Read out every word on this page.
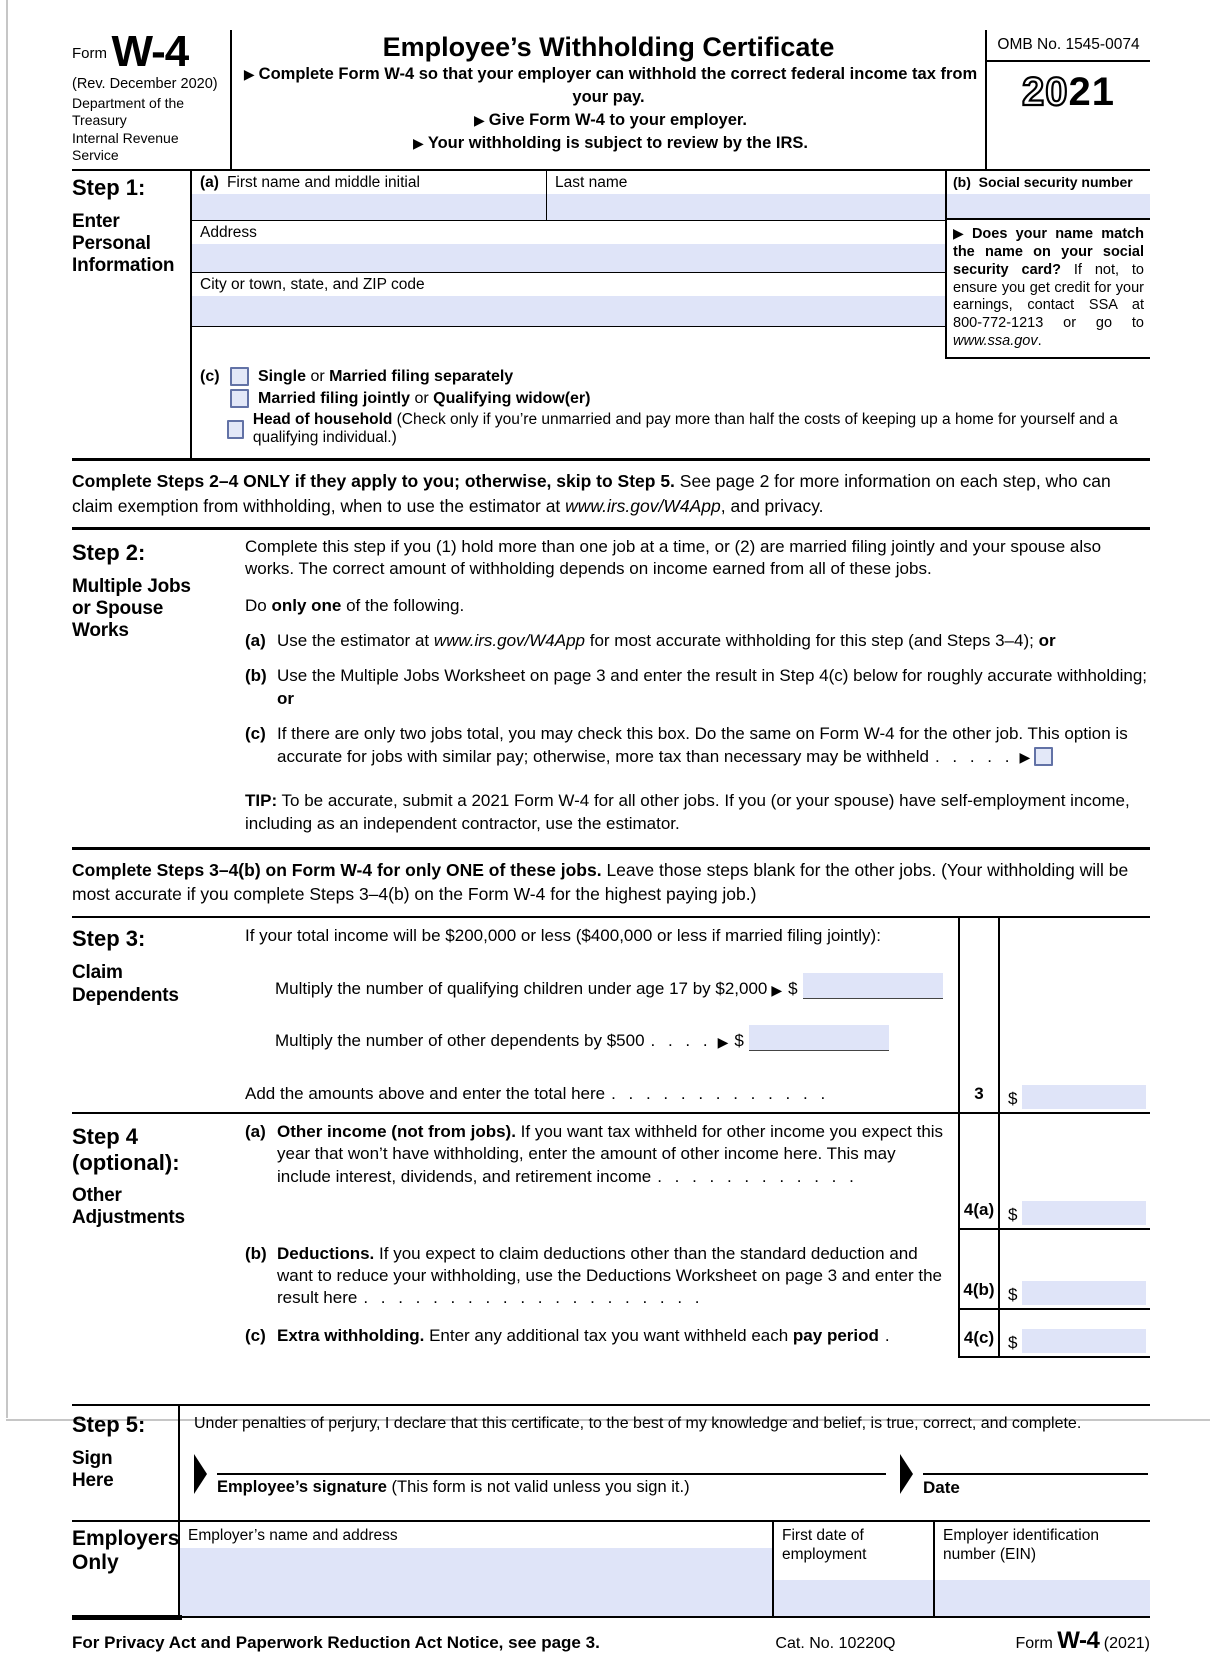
Form W-4
(Rev. December 2020)
Department of the Treasury
Internal Revenue Service
Employee’s Withholding Certificate
▶ Complete Form W-4 so that your employer can withhold the correct federal income tax from your pay.
▶ Give Form W-4 to your employer.
▶ Your withholding is subject to review by the IRS.
OMB No. 1545-0074
2021
Step 1:
Enter Personal Information
(a) First name and middle initial	Last name
Address
City or town, state, and ZIP code
(b) Social security number
▶ Does your name match the name on your social security card? If not, to ensure you get credit for your earnings, contact SSA at 800-772-1213 or go to www.ssa.gov.
(c)	Single or Married filing separately
Married filing jointly or Qualifying widow(er)
Head of household (Check only if you’re unmarried and pay more than half the costs of keeping up a home for yourself and a qualifying individual.)
Complete Steps 2–4 ONLY if they apply to you; otherwise, skip to Step 5. See page 2 for more information on each step, who can claim exemption from withholding, when to use the estimator at www.irs.gov/W4App, and privacy.
Step 2:
Multiple Jobs or Spouse Works
Complete this step if you (1) hold more than one job at a time, or (2) are married filing jointly and your spouse also works. The correct amount of withholding depends on income earned from all of these jobs.
Do only one of the following.
(a) Use the estimator at www.irs.gov/W4App for most accurate withholding for this step (and Steps 3–4); or
(b) Use the Multiple Jobs Worksheet on page 3 and enter the result in Step 4(c) below for roughly accurate withholding; or
(c) If there are only two jobs total, you may check this box. Do the same on Form W-4 for the other job. This option is accurate for jobs with similar pay; otherwise, more tax than necessary may be withheld . . . . . ▶
TIP: To be accurate, submit a 2021 Form W-4 for all other jobs. If you (or your spouse) have self-employment income, including as an independent contractor, use the estimator.
Complete Steps 3–4(b) on Form W-4 for only ONE of these jobs. Leave those steps blank for the other jobs. (Your withholding will be most accurate if you complete Steps 3–4(b) on the Form W-4 for the highest paying job.)
Step 3:
Claim Dependents
If your total income will be $200,000 or less ($400,000 or less if married filing jointly):
Multiply the number of qualifying children under age 17 by $2,000 ▶ $
Multiply the number of other dependents by $500 . . . . ▶ $
Add the amounts above and enter the total here . . . . . . . . . . . . .	3	$
Step 4 (optional):
Other Adjustments
(a) Other income (not from jobs). If you want tax withheld for other income you expect this year that won’t have withholding, enter the amount of other income here. This may include interest, dividends, and retirement income . . . . . . . . . . . .
4(a) $
(b) Deductions. If you expect to claim deductions other than the standard deduction and want to reduce your withholding, use the Deductions Worksheet on page 3 and enter the result here . . . . . . . . . . . . . . . . . . . .	4(b) $
(c) Extra withholding. Enter any additional tax you want withheld each pay period .	4(c) $
Step 5:
Sign Here
Under penalties of perjury, I declare that this certificate, to the best of my knowledge and belief, is true, correct, and complete.
Employee’s signature (This form is not valid unless you sign it.)	Date
Employers Only
Employer’s name and address	First date of employment
Employer identification number (EIN)
For Privacy Act and Paperwork Reduction Act Notice, see page 3.	Cat. No. 10220Q	Form W-4 (2021)
